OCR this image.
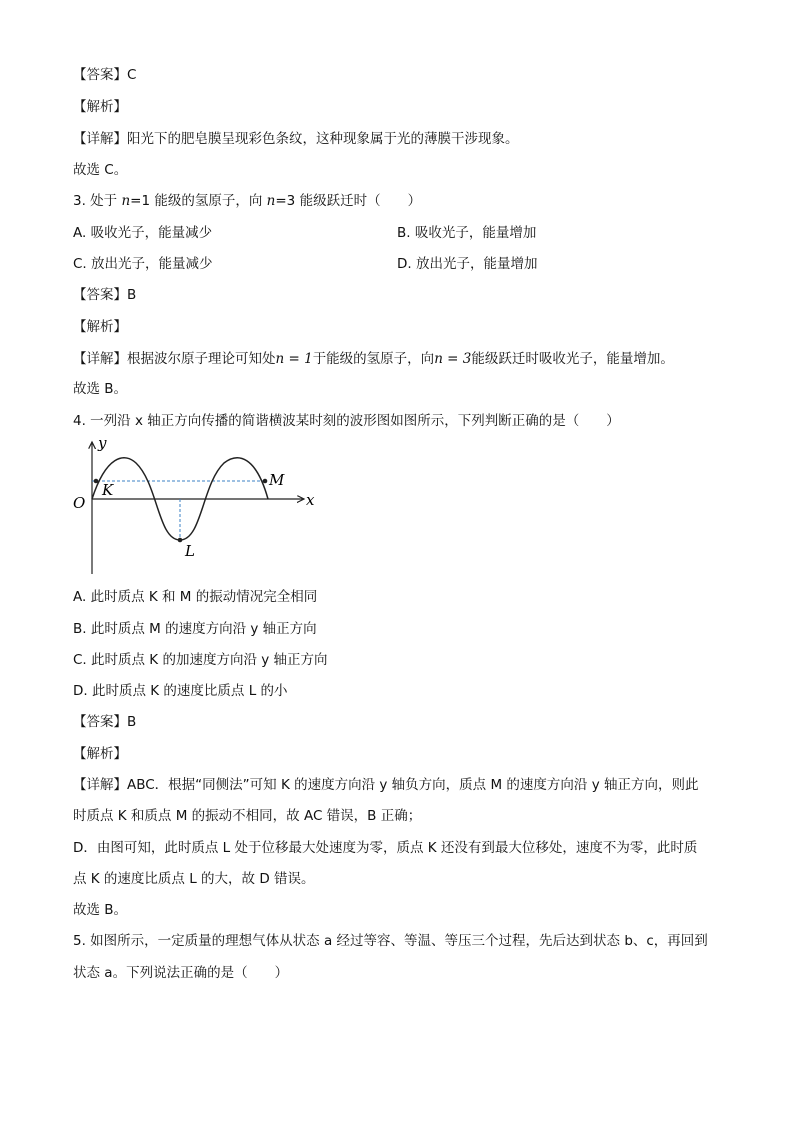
【答案】C
【解析】
【详解】阳光下的肥皂膜呈现彩色条纹，这种现象属于光的薄膜干涉现象。
故选 C。
3. 处于 n=1 能级的氢原子，向 n=3 能级跃迁时（　　）
A. 吸收光子，能量减少	B. 吸收光子，能量增加
C. 放出光子，能量减少	D. 放出光子，能量增加
【答案】B
【解析】
【详解】根据波尔原子理论可知处n = 1于能级的氢原子，向n = 3能级跃迁时吸收光子，能量增加。
故选 B。
4. 一列沿 x 轴正方向传播的简谐横波某时刻的波形图如图所示，下列判断正确的是（　　）
y
x
O
K
M
L
A. 此时质点 K 和 M 的振动情况完全相同
B. 此时质点 M 的速度方向沿 y 轴正方向
C. 此时质点 K 的加速度方向沿 y 轴正方向
D. 此时质点 K 的速度比质点 L 的小
【答案】B
【解析】
【详解】ABC．根据“同侧法”可知 K 的速度方向沿 y 轴负方向，质点 M 的速度方向沿 y 轴正方向，则此
时质点 K 和质点 M 的振动不相同，故 AC 错误，B 正确；
D．由图可知，此时质点 L 处于位移最大处速度为零，质点 K 还没有到最大位移处，速度不为零，此时质
点 K 的速度比质点 L 的大，故 D 错误。
故选 B。
5. 如图所示，一定质量的理想气体从状态 a 经过等容、等温、等压三个过程，先后达到状态 b、c，再回到
状态 a。下列说法正确的是（　　）
